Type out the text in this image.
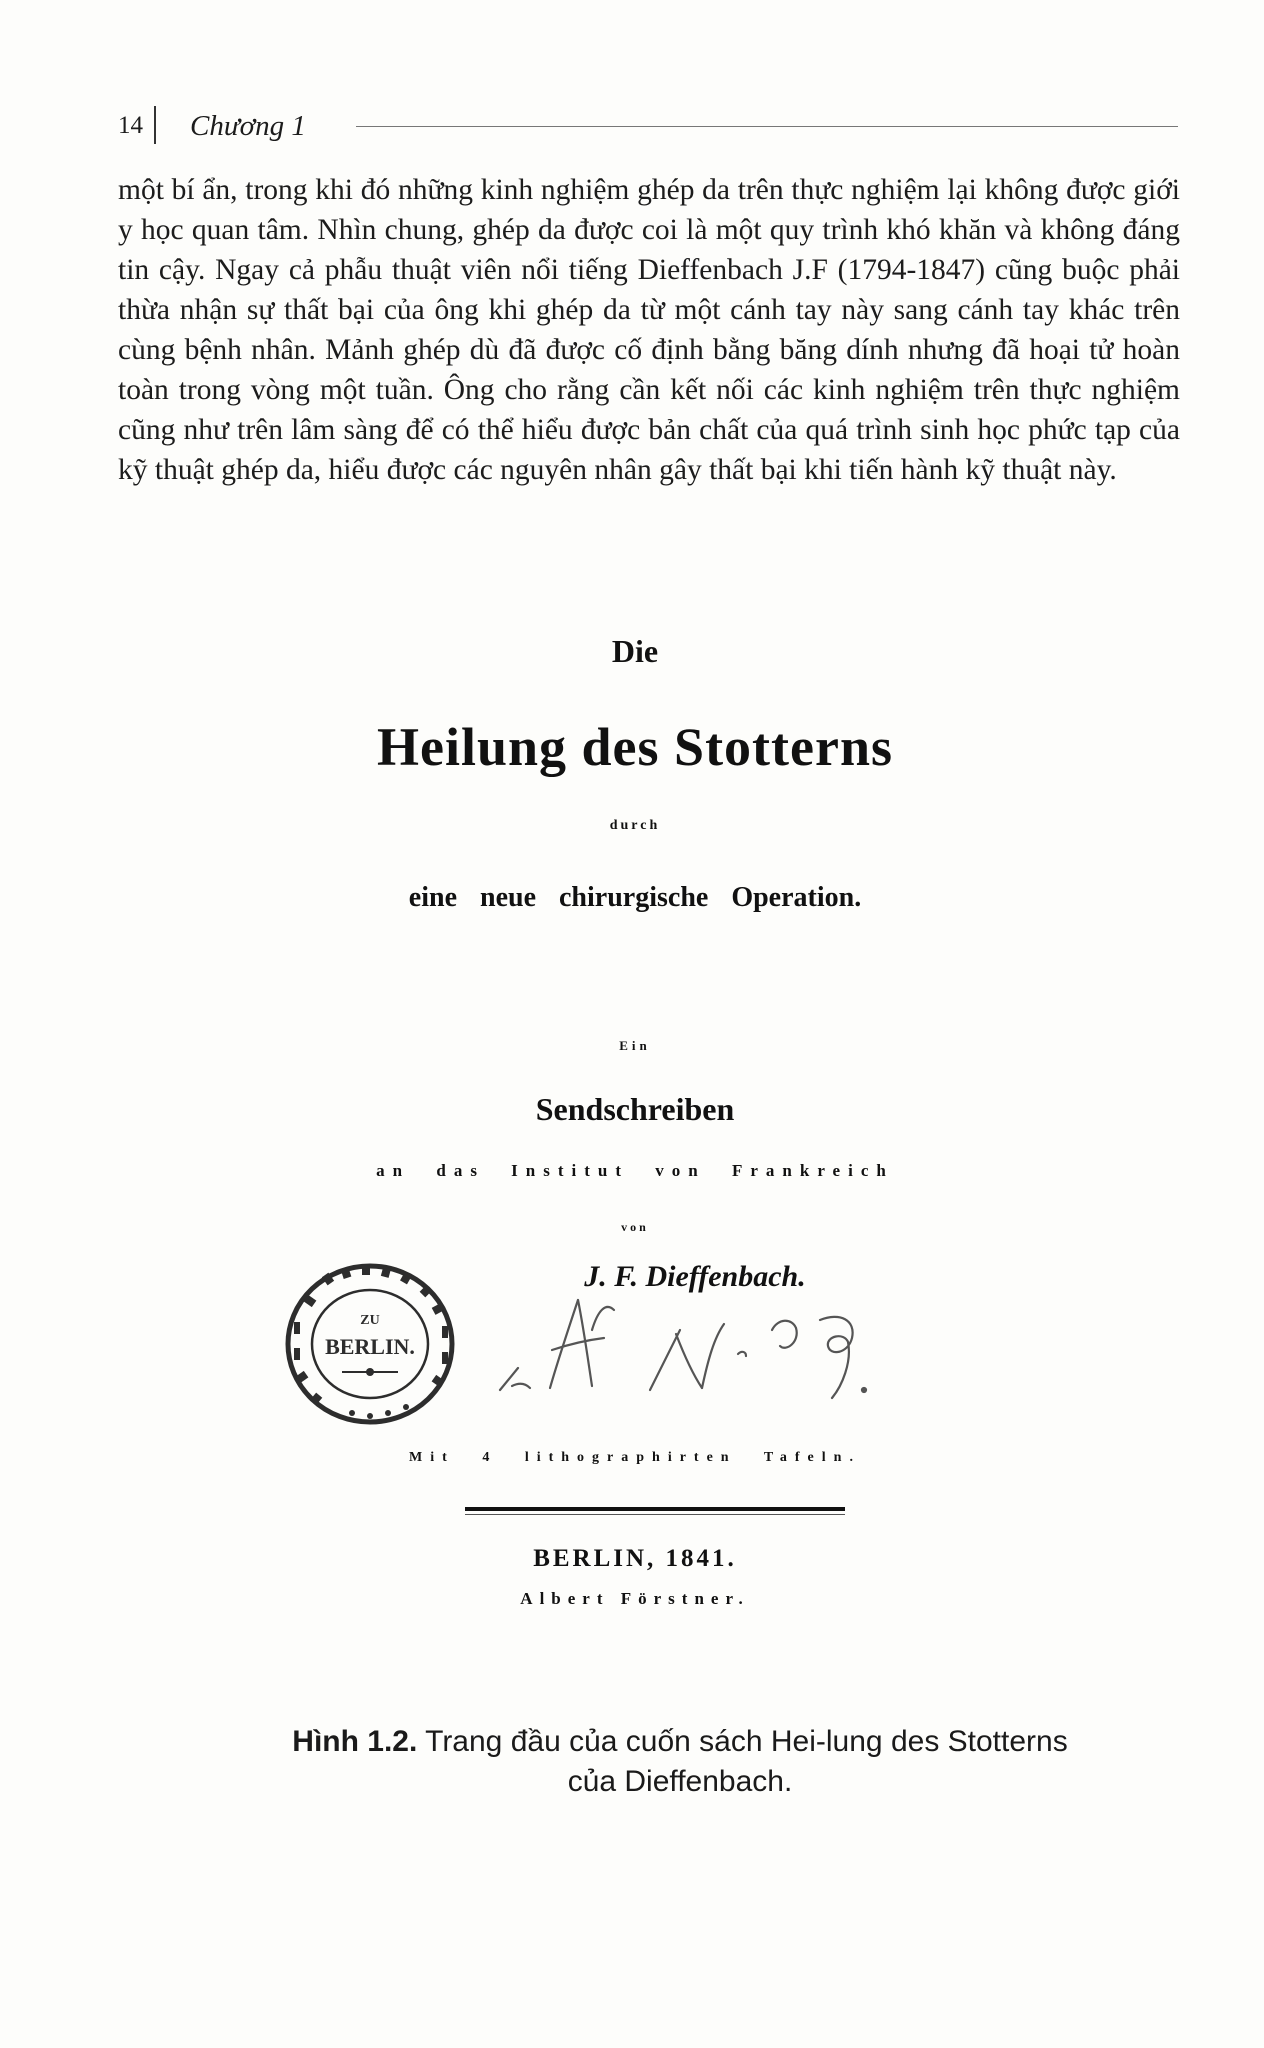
14 Chương 1

một bí ẩn, trong khi đó những kinh nghiệm ghép da trên thực nghiệm lại không được giới y học quan tâm. Nhìn chung, ghép da được coi là một quy trình khó khăn và không đáng tin cậy. Ngay cả phẫu thuật viên nổi tiếng Dieffenbach J.F (1794-1847) cũng buộc phải thừa nhận sự thất bại của ông khi ghép da từ một cánh tay này sang cánh tay khác trên cùng bệnh nhân. Mảnh ghép dù đã được cố định bằng băng dính nhưng đã hoại tử hoàn toàn trong vòng một tuần. Ông cho rằng cần kết nối các kinh nghiệm trên thực nghiệm cũng như trên lâm sàng để có thể hiểu được bản chất của quá trình sinh học phức tạp của kỹ thuật ghép da, hiểu được các nguyên nhân gây thất bại khi tiến hành kỹ thuật này.

Die

Heilung des Stotterns

durch

eine neue chirurgische Operation.

Ein

Sendschreiben

an das Institut von Frankreich

von

J. F. Dieffenbach.

Mit 4 lithographirten Tafeln.

BERLIN, 1841.

Albert Förstner.

ZU
BERLIN.
Hình 1.2. Trang đầu của cuốn sách Hei-lung des Stotterns
của Dieffenbach.
